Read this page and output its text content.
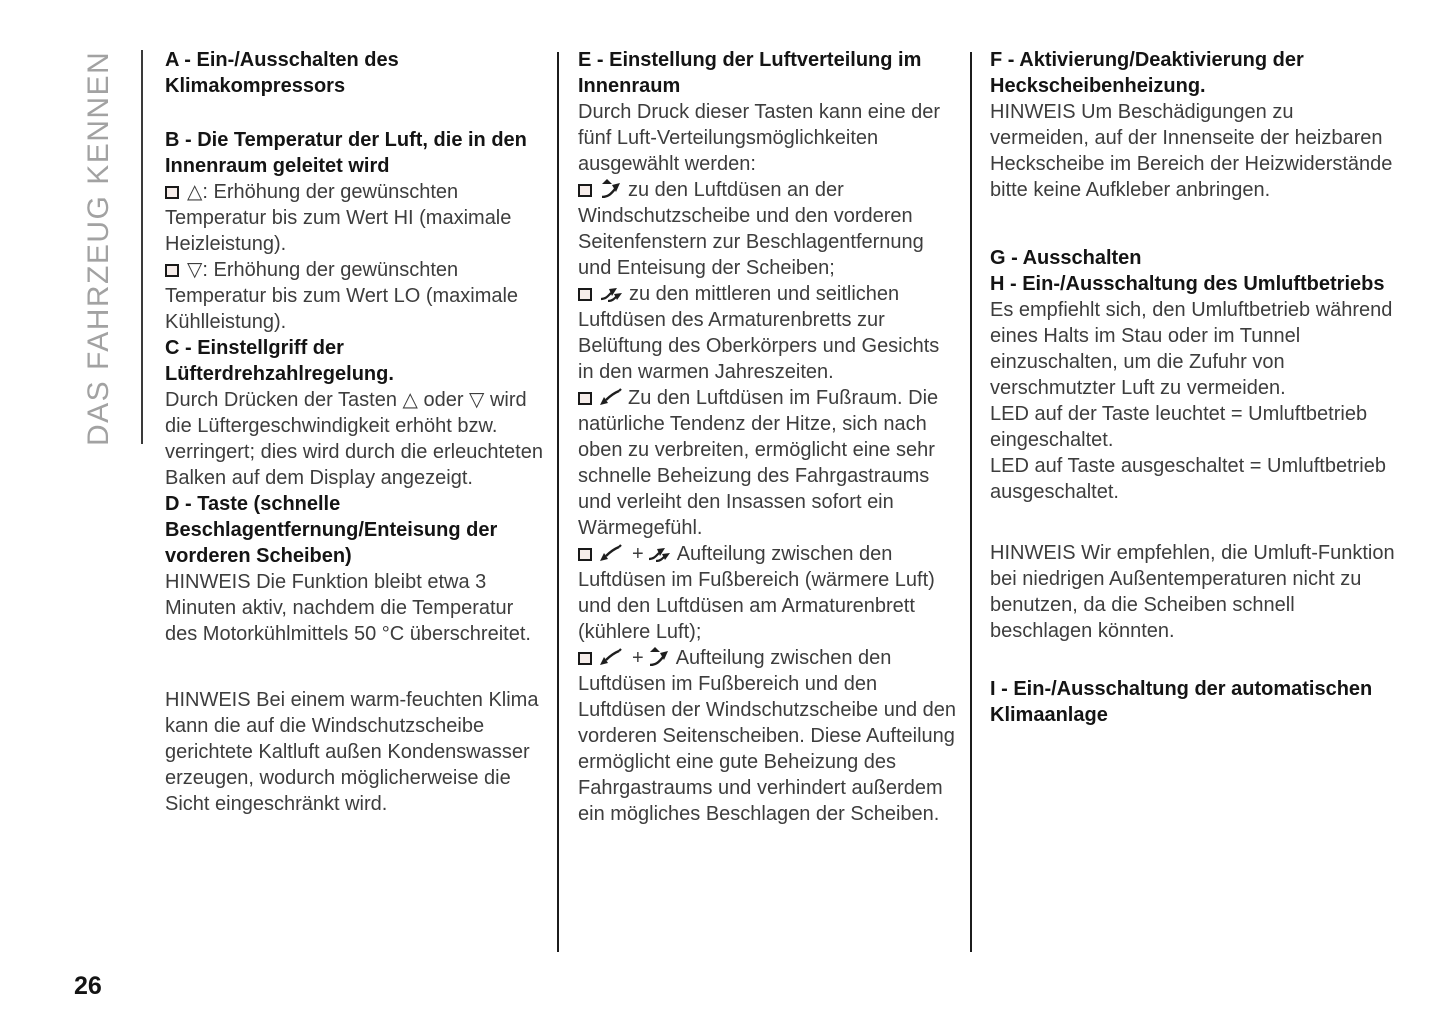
DAS FAHRZEUG KENNEN	A - Ein-/Ausschalten des Klimakompressors

B - Die Temperatur der Luft, die in den Innenraum geleitet wird

△: Erhöhung der gewünschten Temperatur bis zum Wert HI (maximale Heizleistung).

▽: Erhöhung der gewünschten Temperatur bis zum Wert LO (maximale Kühlleistung).

C - Einstellgriff der Lüfterdrehzahlregelung.

Durch Drücken der Tasten △ oder ▽ wird die Lüftergeschwindigkeit erhöht bzw. verringert; dies wird durch die erleuchteten Balken auf dem Display angezeigt.

D - Taste (schnelle Beschlagentfernung/Enteisung der vorderen Scheiben)

HINWEIS Die Funktion bleibt etwa 3 Minuten aktiv, nachdem die Temperatur des Motorkühlmittels 50 °C überschreitet.

HINWEIS Bei einem warm-feuchten Klima kann die auf die Windschutzscheibe gerichtete Kaltluft außen Kondenswasser erzeugen, wodurch möglicherweise die Sicht eingeschränkt wird.

E - Einstellung der Luftverteilung im Innenraum

Durch Druck dieser Tasten kann eine der fünf Luft-Verteilungsmöglichkeiten ausgewählt werden:

zu den Luftdüsen an der Windschutzscheibe und den vorderen Seitenfenstern zur Beschlagentfernung und Enteisung der Scheiben;

zu den mittleren und seitlichen Luftdüsen des Armaturenbretts zur Belüftung des Oberkörpers und Gesichts in den warmen Jahreszeiten.

Zu den Luftdüsen im Fußraum. Die natürliche Tendenz der Hitze, sich nach oben zu verbreiten, ermöglicht eine sehr schnelle Beheizung des Fahrgastraums und verleiht den Insassen sofort ein Wärmegefühl.

+ Aufteilung zwischen den Luftdüsen im Fußbereich (wärmere Luft) und den Luftdüsen am Armaturenbrett (kühlere Luft);

+ Aufteilung zwischen den Luftdüsen im Fußbereich und den Luftdüsen der Windschutzscheibe und den vorderen Seitenscheiben. Diese Aufteilung ermöglicht eine gute Beheizung des Fahrgastraums und verhindert außerdem ein mögliches Beschlagen der Scheiben.

F - Aktivierung/Deaktivierung der Heckscheibenheizung.

HINWEIS Um Beschädigungen zu vermeiden, auf der Innenseite der heizbaren Heckscheibe im Bereich der Heizwiderstände bitte keine Aufkleber anbringen.

G - Ausschalten

H - Ein-/Ausschaltung des Umluftbetriebs

Es empfiehlt sich, den Umluftbetrieb während eines Halts im Stau oder im Tunnel einzuschalten, um die Zufuhr von verschmutzter Luft zu vermeiden.

LED auf der Taste leuchtet = Umluftbetrieb eingeschaltet.

LED auf Taste ausgeschaltet = Umluftbetrieb ausgeschaltet.

HINWEIS Wir empfehlen, die Umluft-Funktion bei niedrigen Außentemperaturen nicht zu benutzen, da die Scheiben schnell beschlagen könnten.

I - Ein-/Ausschaltung der automatischen Klimaanlage

26
